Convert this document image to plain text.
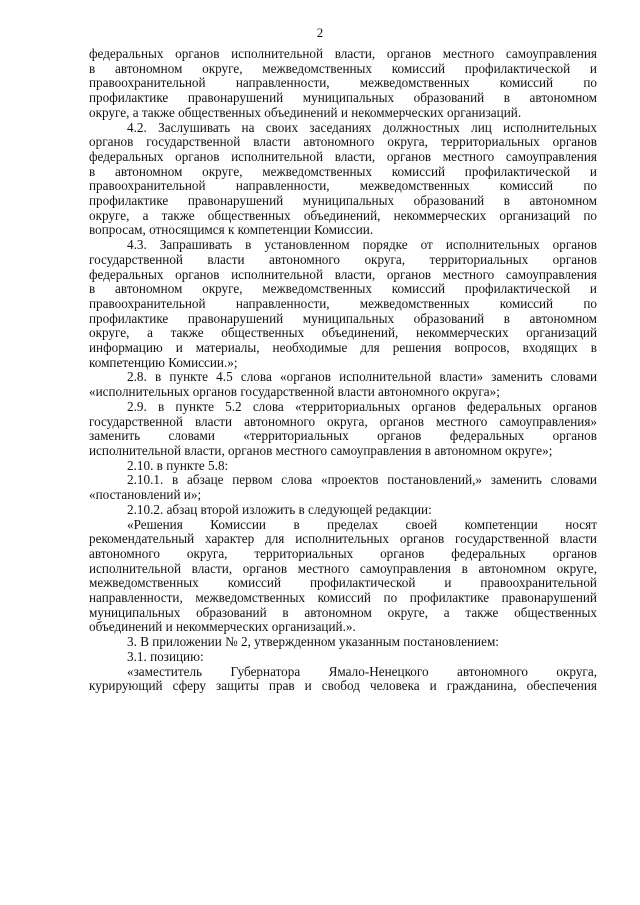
2
федеральных органов исполнительной власти, органов местного самоуправления
в автономном округе, межведомственных комиссий профилактической и
правоохранительной направленности, межведомственных комиссий по
профилактике правонарушений муниципальных образований в автономном
округе, а также общественных объединений и некоммерческих организаций.
4.2. Заслушивать на своих заседаниях должностных лиц исполнительных
органов государственной власти автономного округа, территориальных органов
федеральных органов исполнительной власти, органов местного самоуправления
в автономном округе, межведомственных комиссий профилактической и
правоохранительной направленности, межведомственных комиссий по
профилактике правонарушений муниципальных образований в автономном
округе, а также общественных объединений, некоммерческих организаций по
вопросам, относящимся к компетенции Комиссии.
4.3. Запрашивать в установленном порядке от исполнительных органов
государственной власти автономного округа, территориальных органов
федеральных органов исполнительной власти, органов местного самоуправления
в автономном округе, межведомственных комиссий профилактической и
правоохранительной направленности, межведомственных комиссий по
профилактике правонарушений муниципальных образований в автономном
округе, а также общественных объединений, некоммерческих организаций
информацию и материалы, необходимые для решения вопросов, входящих в
компетенцию Комиссии.»;
2.8. в пункте 4.5 слова «органов исполнительной власти» заменить словами
«исполнительных органов государственной власти автономного округа»;
2.9. в пункте 5.2 слова «территориальных органов федеральных органов
государственной власти автономного округа, органов местного самоуправления»
заменить словами «территориальных органов федеральных органов
исполнительной власти, органов местного самоуправления в автономном округе»;
2.10. в пункте 5.8:
2.10.1. в абзаце первом слова «проектов постановлений,» заменить словами
«постановлений и»;
2.10.2. абзац второй изложить в следующей редакции:
«Решения Комиссии в пределах своей компетенции носят
рекомендательный характер для исполнительных органов государственной власти
автономного округа, территориальных органов федеральных органов
исполнительной власти, органов местного самоуправления в автономном округе,
межведомственных комиссий профилактической и правоохранительной
направленности, межведомственных комиссий по профилактике правонарушений
муниципальных образований в автономном округе, а также общественных
объединений и некоммерческих организаций.».
3. В приложении № 2, утвержденном указанным постановлением:
3.1. позицию:
«заместитель Губернатора Ямало-Ненецкого автономного округа,
курирующий сферу защиты прав и свобод человека и гражданина, обеспечения
